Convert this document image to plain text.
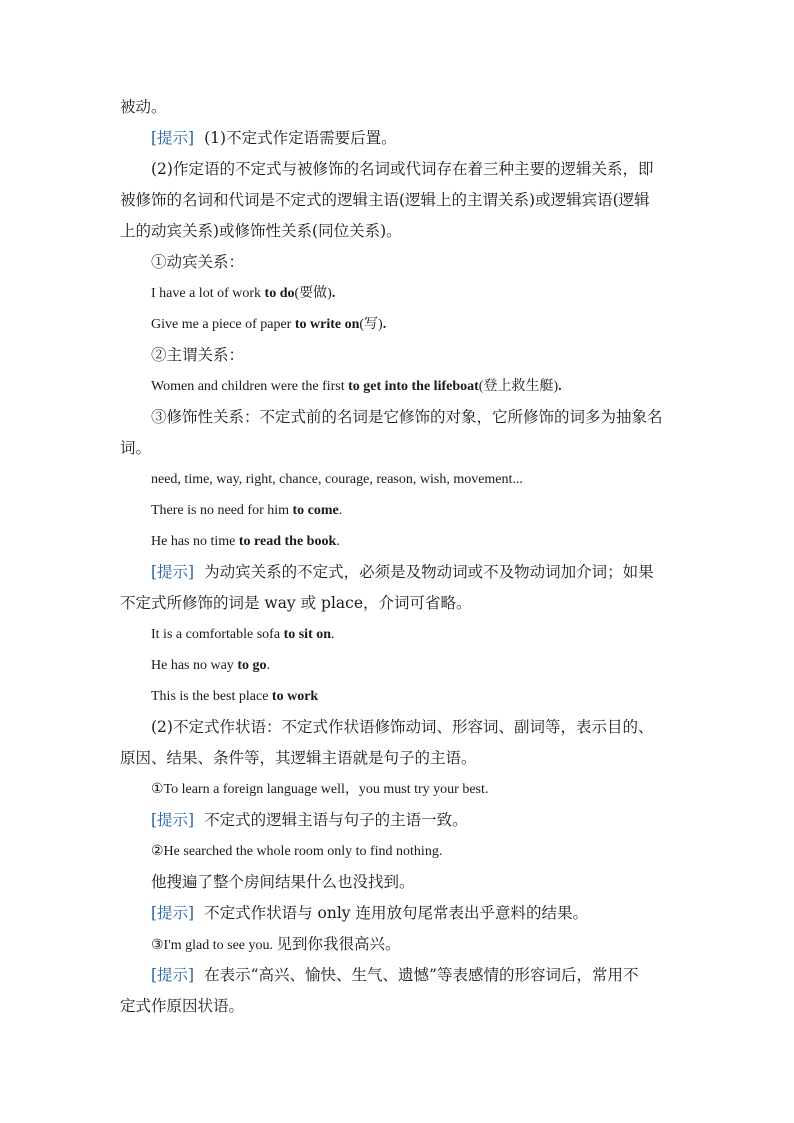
被动。
[提示] (1)不定式作定语需要后置。
(2)作定语的不定式与被修饰的名词或代词存在着三种主要的逻辑关系，即
被修饰的名词和代词是不定式的逻辑主语(逻辑上的主谓关系)或逻辑宾语(逻辑
上的动宾关系)或修饰性关系(同位关系)。
①动宾关系：
I have a lot of work to do(要做).
Give me a piece of paper to write on(写).
②主谓关系：
Women and children were the first to get into the lifeboat(登上救生艇).
③修饰性关系：不定式前的名词是它修饰的对象，它所修饰的词多为抽象名
词。
need, time, way, right, chance, courage, reason, wish, movement...
There is no need for him to come.
He has no time to read the book.
[提示] 为动宾关系的不定式，必须是及物动词或不及物动词加介词；如果
不定式所修饰的词是 way 或 place，介词可省略。
It is a comfortable sofa to sit on.
He has no way to go.
This is the best place to work
(2)不定式作状语：不定式作状语修饰动词、形容词、副词等，表示目的、
原因、结果、条件等，其逻辑主语就是句子的主语。
①To learn a foreign language well，you must try your best.
[提示] 不定式的逻辑主语与句子的主语一致。
②He searched the whole room only to find nothing.
他搜遍了整个房间结果什么也没找到。
[提示] 不定式作状语与 only 连用放句尾常表出乎意料的结果。
③I'm glad to see you. 见到你我很高兴。
[提示] 在表示“高兴、愉快、生气、遗憾”等表感情的形容词后，常用不
定式作原因状语。
